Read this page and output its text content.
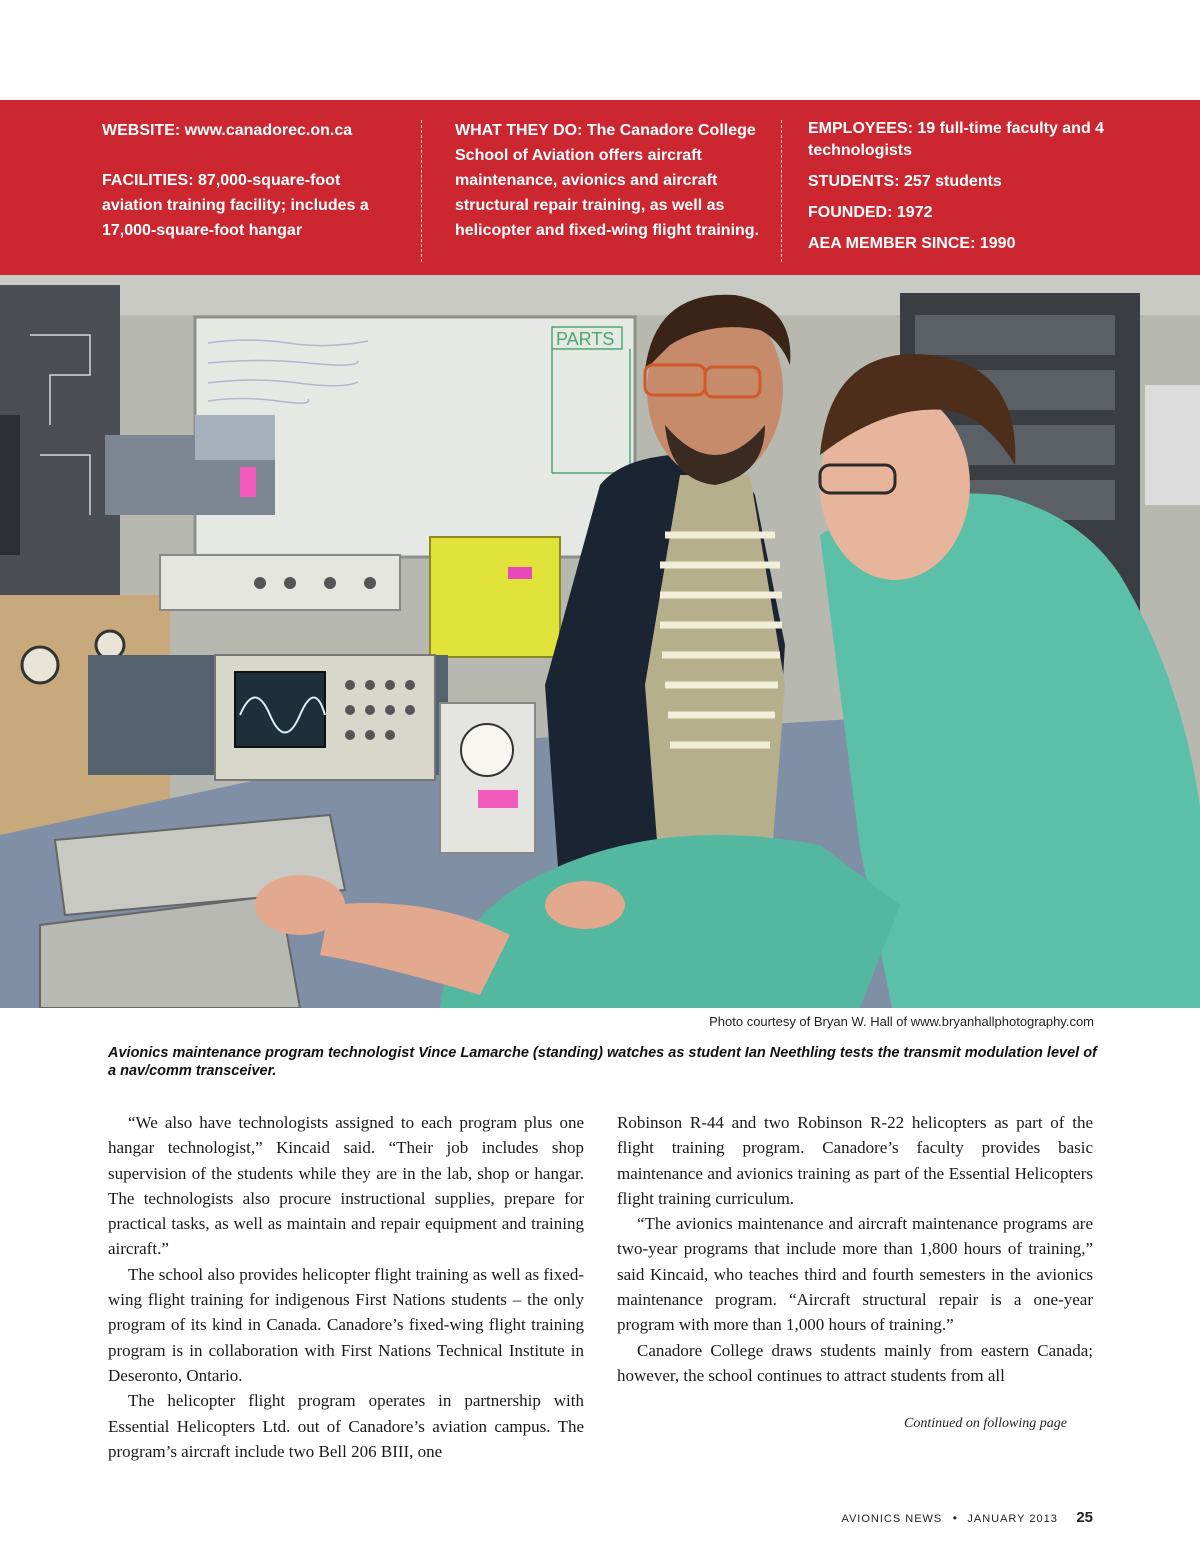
WEBSITE: www.canadorec.on.ca
FACILITIES: 87,000-square-foot aviation training facility; includes a 17,000-square-foot hangar
WHAT THEY DO: The Canadore College School of Aviation offers aircraft maintenance, avionics and aircraft structural repair training, as well as helicopter and fixed-wing flight training.
EMPLOYEES: 19 full-time faculty and 4 technologists
STUDENTS: 257 students
FOUNDED: 1972
AEA MEMBER SINCE: 1990
PARTS
Photo courtesy of Bryan W. Hall of www.bryanhallphotography.com
Avionics maintenance program technologist Vince Lamarche (standing) watches as student Ian Neethling tests the transmit modulation level of a nav/comm transceiver.

“We also have technologists assigned to each program plus one hangar technologist,” Kincaid said. “Their job includes shop supervision of the students while they are in the lab, shop or hangar. The technologists also procure instructional supplies, prepare for practical tasks, as well as maintain and repair equipment and training aircraft.”

The school also provides helicopter flight training as well as fixed-wing flight training for indigenous First Nations students – the only program of its kind in Canada. Canadore’s fixed-wing flight training program is in collaboration with First Nations Technical Institute in Deseronto, Ontario.

The helicopter flight program operates in partnership with Essential Helicopters Ltd. out of Canadore’s aviation campus. The program’s aircraft include two Bell 206 BIII, one

Robinson R-44 and two Robinson R-22 helicopters as part of the flight training program. Canadore’s faculty provides basic maintenance and avionics training as part of the Essential Helicopters flight training curriculum.

“The avionics maintenance and aircraft maintenance programs are two-year programs that include more than 1,800 hours of training,” said Kincaid, who teaches third and fourth semesters in the avionics maintenance program. “Aircraft structural repair is a one-year program with more than 1,000 hours of training.”

Canadore College draws students mainly from eastern Canada; however, the school continues to attract students from all

Continued on following page
AVIONICS NEWS • JANUARY 2013 25
